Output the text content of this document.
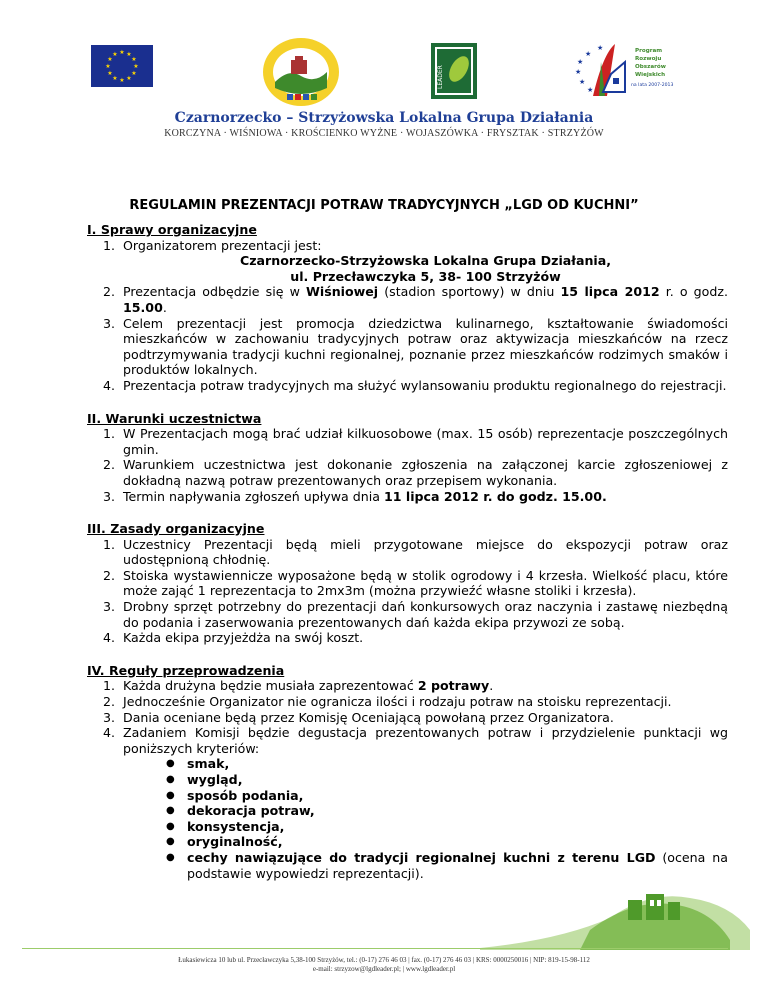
★ ★
★
★
★
★
★
★
★
★
★
★
LEADER
★
★
★
★
★
★	Program
Rozwoju
Obszarów
Wiejskich
na lata 2007-2013
Czarnorzecko – Strzyżowska Lokalna Grupa Działania
KORCZYNA · WIŚNIOWA · KROŚCIENKO WYŻNE · WOJASZÓWKA · FRYSZTAK · STRZYŻÓW
REGULAMIN PREZENTACJI POTRAW TRADYCYJNYCH „LGD OD KUCHNI”
I. Sprawy organizacyjne
1. Organizatorem prezentacji jest:
Czarnorzecko-Strzyżowska Lokalna Grupa Działania,
ul. Przecławczyka 5, 38- 100 Strzyżów
2. Prezentacja odbędzie się w Wiśniowej (stadion sportowy) w dniu 15 lipca 2012 r. o godz. 15.00.
3. Celem prezentacji jest promocja dziedzictwa kulinarnego, kształtowanie świadomości mieszkańców w zachowaniu tradycyjnych potraw oraz aktywizacja mieszkańców na rzecz podtrzymywania tradycji kuchni regionalnej, poznanie przez mieszkańców rodzimych smaków i produktów lokalnych.
4. Prezentacja potraw tradycyjnych ma służyć wylansowaniu produktu regionalnego do rejestracji.
II. Warunki uczestnictwa
1. W Prezentacjach mogą brać udział kilkuosobowe (max. 15 osób) reprezentacje poszczególnych gmin.
2. Warunkiem uczestnictwa jest dokonanie zgłoszenia na załączonej karcie zgłoszeniowej z dokładną nazwą potraw prezentowanych oraz przepisem wykonania.
3. Termin napływania zgłoszeń upływa dnia 11 lipca 2012 r. do godz. 15.00.
III. Zasady organizacyjne
1. Uczestnicy Prezentacji będą mieli przygotowane miejsce do ekspozycji potraw oraz udostępnioną chłodnię.
2. Stoiska wystawiennicze wyposażone będą w stolik ogrodowy i 4 krzesła. Wielkość placu, które może zająć 1 reprezentacja to 2mx3m (można przywieźć własne stoliki i krzesła).
3. Drobny sprzęt potrzebny do prezentacji dań konkursowych oraz naczynia i zastawę niezbędną do podania i zaserwowania prezentowanych dań każda ekipa przywozi ze sobą.
4. Każda ekipa przyjeżdża na swój koszt.
IV. Reguły przeprowadzenia
1. Każda drużyna będzie musiała zaprezentować 2 potrawy.
2. Jednocześnie Organizator nie ogranicza ilości i rodzaju potraw na stoisku reprezentacji.
3. Dania oceniane będą przez Komisję Oceniającą powołaną przez Organizatora.
4. Zadaniem Komisji będzie degustacja prezentowanych potraw i przydzielenie punktacji wg poniższych kryteriów:
● smak,
● wygląd,
● sposób podania,
● dekoracja potraw,
● konsystencja,
● oryginalność,
● cechy nawiązujące do tradycji regionalnej kuchni z terenu LGD (ocena na podstawie wypowiedzi reprezentacji).
Łukasiewicza 10 lub ul. Przecławczyka 5,38-100 Strzyżów, tel.: (0-17) 276 46 03 | fax. (0-17) 276 46 03 | KRS: 0000250016 | NIP: 819-15-98-112
e-mail: strzyzow@lgdleader.pl; | www.lgdleader.pl
